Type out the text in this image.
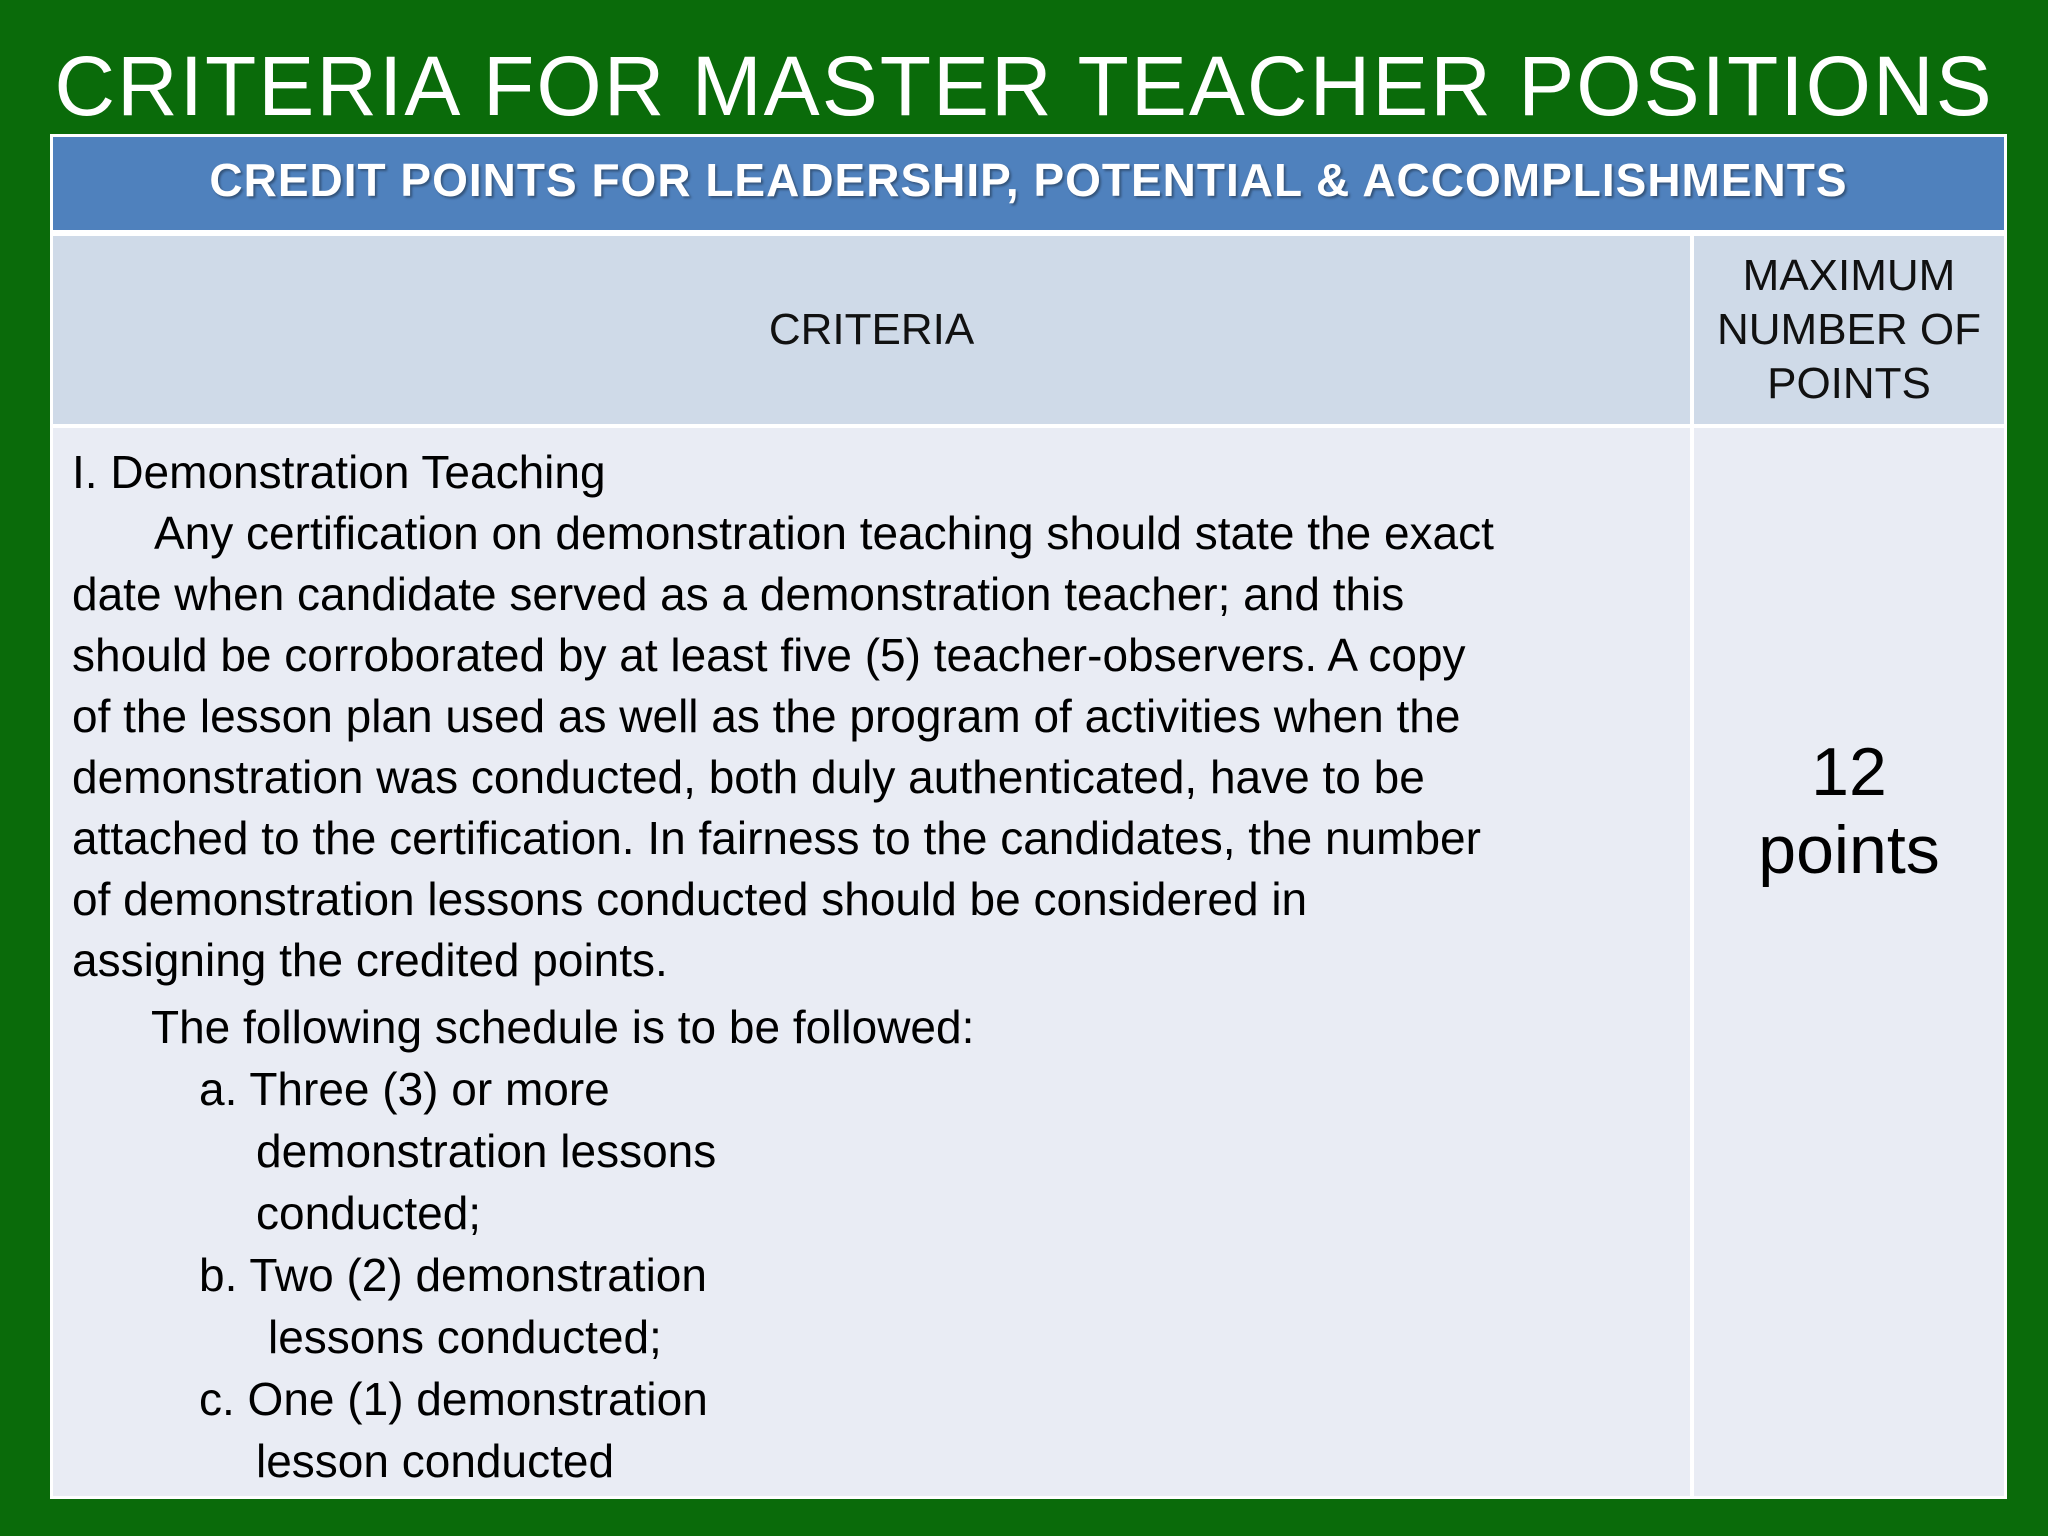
CRITERIA FOR MASTER TEACHER POSITIONS
CREDIT POINTS FOR LEADERSHIP, POTENTIAL & ACCOMPLISHMENTS
CRITERIA
MAXIMUM
NUMBER OF
POINTS
I. Demonstration Teaching
Any certification on demonstration teaching should state the exact
date when candidate served as a demonstration teacher; and this
should be corroborated by at least five (5) teacher-observers. A copy
of the lesson plan used as well as the program of activities when the
demonstration was conducted, both duly authenticated, have to be
attached to the certification. In fairness to the candidates, the number
of demonstration lessons conducted should be considered in
assigning the credited points.
The following schedule is to be followed:
a. Three (3) or more
demonstration lessons
conducted;
b. Two (2) demonstration
lessons conducted;
c. One (1) demonstration
lesson conducted
12
points
